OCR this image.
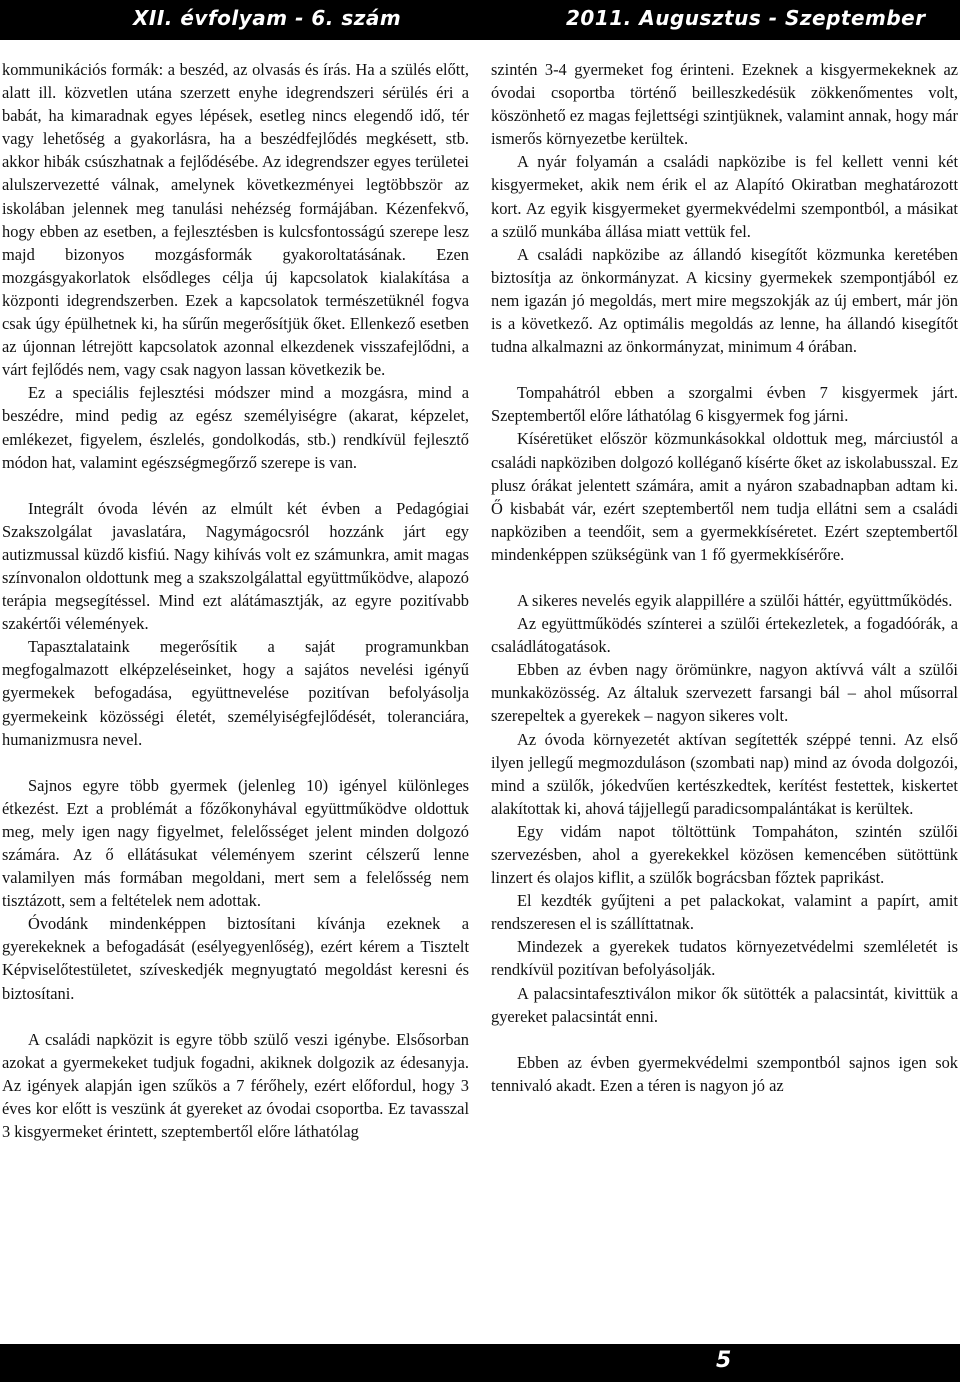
XII. évfolyam - 6. szám	2011. Augusztus - Szeptember

kommunikációs formák: a beszéd, az olvasás és írás. Ha a szülés előtt, alatt ill. közvetlen utána szerzett enyhe idegrendszeri sérülés éri a babát, ha kimaradnak egyes lépések, esetleg nincs elegendő idő, tér vagy lehetőség a gyakorlásra, ha a beszédfejlődés megkésett, stb. akkor hibák csúszhatnak a fejlődésébe. Az idegrendszer egyes területei alulszervezetté válnak, amelynek következményei legtöbbször az iskolában jelennek meg tanulási nehézség formájában. Kézenfekvő, hogy ebben az esetben, a fejlesztésben is kulcsfontosságú szerepe lesz majd bizonyos mozgásformák gyakoroltatásának. Ezen mozgásgyakorlatok elsődleges célja új kapcsolatok kialakítása a központi idegrendszerben. Ezek a kapcsolatok természetüknél fogva csak úgy épülhetnek ki, ha sűrűn megerősítjük őket. Ellenkező esetben az újonnan létrejött kapcsolatok azonnal elkezdenek visszafejlődni, a várt fejlődés nem, vagy csak nagyon lassan következik be.

Ez a speciális fejlesztési módszer mind a mozgásra, mind a beszédre, mind pedig az egész személyiségre (akarat, képzelet, emlékezet, figyelem, észlelés, gondolkodás, stb.) rendkívül fejlesztő módon hat, valamint egészségmegőrző szerepe is van.

Integrált óvoda lévén az elmúlt két évben a Pedagógiai Szakszolgálat javaslatára, Nagymágocsról hozzánk járt egy autizmussal küzdő kisfiú. Nagy kihívás volt ez számunkra, amit magas színvonalon oldottunk meg a szakszolgálattal együttműködve, alapozó terápia megsegítéssel. Mind ezt alátámasztják, az egyre pozitívabb szakértői vélemények.

Tapasztalataink megerősítik a saját programunkban megfogalmazott elképzeléseinket, hogy a sajátos nevelési igényű gyermekek befogadása, együttnevelése pozitívan befolyásolja gyermekeink közösségi életét, személyiségfejlődését, toleranciára, humanizmusra nevel.

Sajnos egyre több gyermek (jelenleg 10) igényel különleges étkezést. Ezt a problémát a főzőkonyhával együttműködve oldottuk meg, mely igen nagy figyelmet, felelősséget jelent minden dolgozó számára. Az ő ellátásukat véleményem szerint célszerű lenne valamilyen más formában megoldani, mert sem a felelősség nem tisztázott, sem a feltételek nem adottak.

Óvodánk mindenképpen biztosítani kívánja ezeknek a gyerekeknek a befogadását (esélyegyenlőség), ezért kérem a Tisztelt Képviselőtestületet, szíveskedjék megnyugtató megoldást keresni és biztosítani.

A családi napközit is egyre több szülő veszi igénybe. Elsősorban azokat a gyermekeket tudjuk fogadni, akiknek dolgozik az édesanyja. Az igények alapján igen szűkös a 7 férőhely, ezért előfordul, hogy 3 éves kor előtt is veszünk át gyereket az óvodai csoportba. Ez tavasszal 3 kisgyermeket érintett, szeptembertől előre láthatólag

szintén 3-4 gyermeket fog érinteni. Ezeknek a kisgyermekeknek az óvodai csoportba történő beilleszkedésük zökkenőmentes volt, köszönhető ez magas fejlettségi szintjüknek, valamint annak, hogy már ismerős környezetbe kerültek.

A nyár folyamán a családi napközibe is fel kellett venni két kisgyermeket, akik nem érik el az Alapító Okiratban meghatározott kort. Az egyik kisgyermeket gyermekvédelmi szempontból, a másikat a szülő munkába állása miatt vettük fel.

A családi napközibe az állandó kisegítőt közmunka keretében biztosítja az önkormányzat. A kicsiny gyermekek szempontjából ez nem igazán jó megoldás, mert mire megszokják az új embert, már jön is a következő. Az optimális megoldás az lenne, ha állandó kisegítőt tudna alkalmazni az önkormányzat, minimum 4 órában.

Tompahátról ebben a szorgalmi évben 7 kisgyermek járt. Szeptembertől előre láthatólag 6 kisgyermek fog járni.

Kíséretüket először közmunkásokkal oldottuk meg, márciustól a családi napköziben dolgozó kolléganő kísérte őket az iskolabusszal. Ez plusz órákat jelentett számára, amit a nyáron szabadnapban adtam ki. Ő kisbabát vár, ezért szeptembertől nem tudja ellátni sem a családi napköziben a teendőit, sem a gyermekkíséretet. Ezért szeptembertől mindenképpen szükségünk van 1 fő gyermekkísérőre.

A sikeres nevelés egyik alappillére a szülői háttér, együttműködés.

Az együttműködés színterei a szülői értekezletek, a fogadóórák, a családlátogatások.

Ebben az évben nagy örömünkre, nagyon aktívvá vált a szülői munkaközösség. Az általuk szervezett farsangi bál – ahol műsorral szerepeltek a gyerekek – nagyon sikeres volt.

Az óvoda környezetét aktívan segítették széppé tenni. Az első ilyen jellegű megmozduláson (szombati nap) mind az óvoda dolgozói, mind a szülők, jókedvűen kertészkedtek, kerítést festettek, kiskertet alakítottak ki, ahová tájjellegű paradicsompalántákat is kerültek.

Egy vidám napot töltöttünk Tompaháton, szintén szülői szervezésben, ahol a gyerekekkel közösen kemencében sütöttünk linzert és olajos kiflit, a szülők bográcsban főztek paprikást.

El kezdték gyűjteni a pet palackokat, valamint a papírt, amit rendszeresen el is szállíttatnak.

Mindezek a gyerekek tudatos környezetvédelmi szemléletét is rendkívül pozitívan befolyásolják.

A palacsintafesztiválon mikor ők sütötték a palacsintát, kivittük a gyereket palacsintát enni.

Ebben az évben gyermekvédelmi szempontból sajnos igen sok tennivaló akadt. Ezen a téren is nagyon jó az

5
